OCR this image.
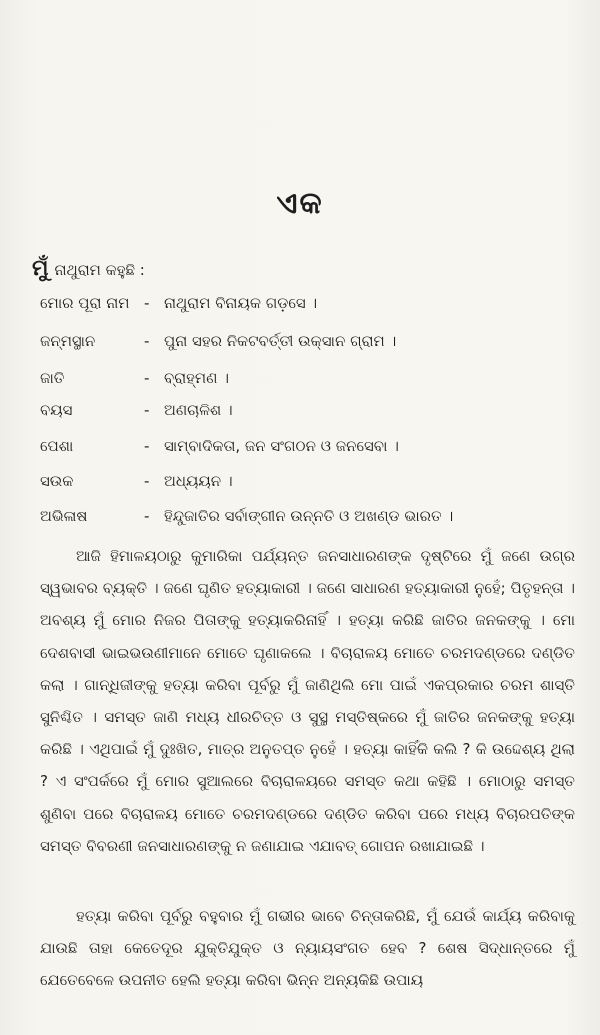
ଏକ
ମୁଁ ନାଥୁରାମ କହୁଛି :
ମୋର ପୂରା ନାମ - ନାଥୁରାମ ବିନାୟକ ଗଡ଼ସେ ।
ଜନ୍ମସ୍ଥାନ	- ପୁନା ସହର ନିକଟବର୍ତ୍ତୀ ଉକ୍‌ସାନ ଗ୍ରାମ ।
ଜାତି	- ବ୍ରାହ୍ମଣ ।
ବୟସ	- ଅଣଚାଳିଶ ।
ପେଶା	- ସାମ୍ବାଦିକତା, ଜନ ସଂଗଠନ ଓ ଜନସେବା ।
ସଉକ	- ଅଧ୍ୟୟନ ।
ଅଭିଳାଷ	- ହିନ୍ଦୁଜାତିର ସର୍ବାଙ୍ଗୀନ ଉନ୍ନତି ଓ ଅଖଣ୍ଡ ଭାରତ ।

ଆଜି ହିମାଳୟଠାରୁ କୁମାରିକା ପର୍ଯ୍ୟନ୍ତ ଜନସାଧାରଣଙ୍କ ଦୃଷ୍ଟିରେ ମୁଁ ଜଣେ ଉଗ୍ର ସ୍ୱଭାବର ବ୍ୟକ୍ତି । ଜଣେ ଘୃଣିତ ହତ୍ୟାକାରୀ । ଜଣେ ସାଧାରଣ ହତ୍ୟାକାରୀ ନୁହେଁ; ପିତୃହନ୍ତା । ଅବଶ୍ୟ ମୁଁ ମୋର ନିଜର ପିତାଙ୍କୁ ହତ୍ୟାକରିନାହିଁ । ହତ୍ୟା କରିଛି ଜାତିର ଜନକଙ୍କୁ । ମୋ ଦେଶବାସୀ ଭାଇଭଉଣୀମାନେ ମୋତେ ଘୃଣାକଲେ । ବିଚାରାଳୟ ମୋତେ ଚରମଦଣ୍ଡରେ ଦଣ୍ଡିତ କଲା । ଗାନ୍ଧିଜୀଙ୍କୁ ହତ୍ୟା କରିବା ପୂର୍ବରୁ ମୁଁ ଜାଣିଥିଲି ମୋ ପାଇଁ ଏକପ୍ରକାର ଚରମ ଶାସ୍ତି ସୁନିଶ୍ଚିତ । ସମସ୍ତ ଜାଣି ମଧ୍ୟ ଧୀରଚିତ୍ତ ଓ ସୁସ୍ଥ ମସ୍ତିଷ୍କରେ ମୁଁ ଜାତିର ଜନକଙ୍କୁ ହତ୍ୟା କରିଛି । ଏଥିପାଇଁ ମୁଁ ଦୁଃଖିତ, ମାତ୍ର ଅନୁତପ୍ତ ନୁହେଁ । ହତ୍ୟା କାହିଁକି କଲି ? କି ଉଦ୍ଦେଶ୍ୟ ଥିଲା ? ଏ ସଂପର୍କରେ ମୁଁ ମୋର ସୁଆଲରେ ବିଚାରାଳୟରେ ସମସ୍ତ କଥା କହିଛି । ମୋଠାରୁ ସମସ୍ତ ଶୁଣିବା ପରେ ବିଚାରାଳୟ ମୋତେ ଚରମଦଣ୍ଡରେ ଦଣ୍ଡିତ କରିବା ପରେ ମଧ୍ୟ ବିଚାରପତିଙ୍କ ସମସ୍ତ ବିବରଣୀ ଜନସାଧାରଣଙ୍କୁ ନ ଜଣାଯାଇ ଏଯାବତ୍ ଗୋପନ ରଖାଯାଇଛି ।

ହତ୍ୟା କରିବା ପୂର୍ବରୁ ବହୁବାର ମୁଁ ଗଭୀର ଭାବେ ଚିନ୍ତାକରିଛି, ମୁଁ ଯେଉଁ କାର୍ଯ୍ୟ କରିବାକୁ ଯାଉଛି ତାହା କେତେଦୂର ଯୁକ୍ତିଯୁକ୍ତ ଓ ନ୍ୟାୟସଂଗତ ହେବ ? ଶେଷ ସିଦ୍ଧାନ୍ତରେ ମୁଁ ଯେତେବେଳେ ଉପନୀତ ହେଲି ହତ୍ୟା କରିବା ଭିନ୍ନ ଅନ୍ୟକିଛି ଉପାୟ
